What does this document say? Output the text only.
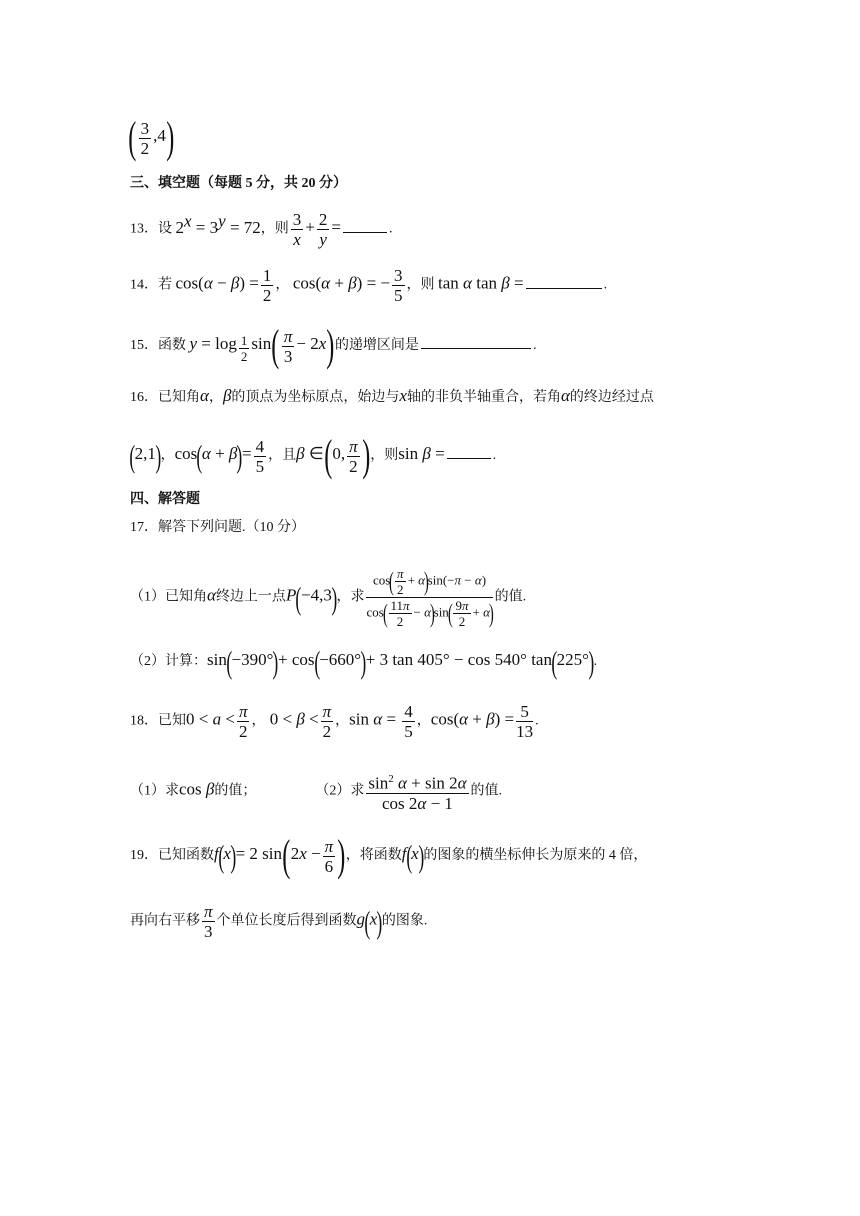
( $\frac{3}{2} ,4$)
三、填空题（每题 5 分，共 20 分）
13．设 $2^x = 3^y = 72$，则 $\frac{3}{x} + \frac{2}{y}$ =	.
14．若 $\cos(\alpha - \beta) = \frac{1}{2}$ ， cos(α + β) = − $\frac{3}{5}$ ，则 tan α tan β =	.
15．函数 $y = \log \frac{1}{2} \sin( \frac{\pi}{3} - 2x)$的递增区间是	.
16．已知角α，β的顶点为坐标原点，始边与x轴的非负半轴重合，若角α的终边经过点
(2,1)，$\cos(\alpha + \beta)= \frac{4}{5}$ ，且β ∈(0, $\frac{\pi}{2}$ )，则sin β =	.
四、解答题
17．解答下列问题.（10 分）
（1）已知角α终边上一点P(−4,3)，求 $\frac{\cos( \frac{\pi}{2} + \alpha)\sin(-\pi - \alpha)}{\cos( \frac{11\pi}{2} - \alpha)\sin( \frac{9\pi}{2} + \alpha)}$ 的值.
（2）计算：sin(−390°)+ cos(−660°)+ 3 tan 405° − cos 540° tan(225°).
18．已知$0 < a < \frac{\pi}{2}$ ， $0 < \beta < \frac{\pi}{2}$ ，$\sin \alpha = \frac{4}{5}$ ，$\cos(\alpha + \beta) = \frac{5}{13}$ .
（1）求cos β的值；	（2）求 $\frac{\sin^2 \alpha + \sin 2\alpha}{\cos 2\alpha - 1}$ 的值.
19．已知函数f(x)= 2 $\sin(2x - \frac{\pi}{6}$ )，将函数f(x)的图象的横坐标伸长为原来的 4 倍，
再向右平移 $\frac{\pi}{3}$ 个单位长度后得到函数g(x)的图象.
